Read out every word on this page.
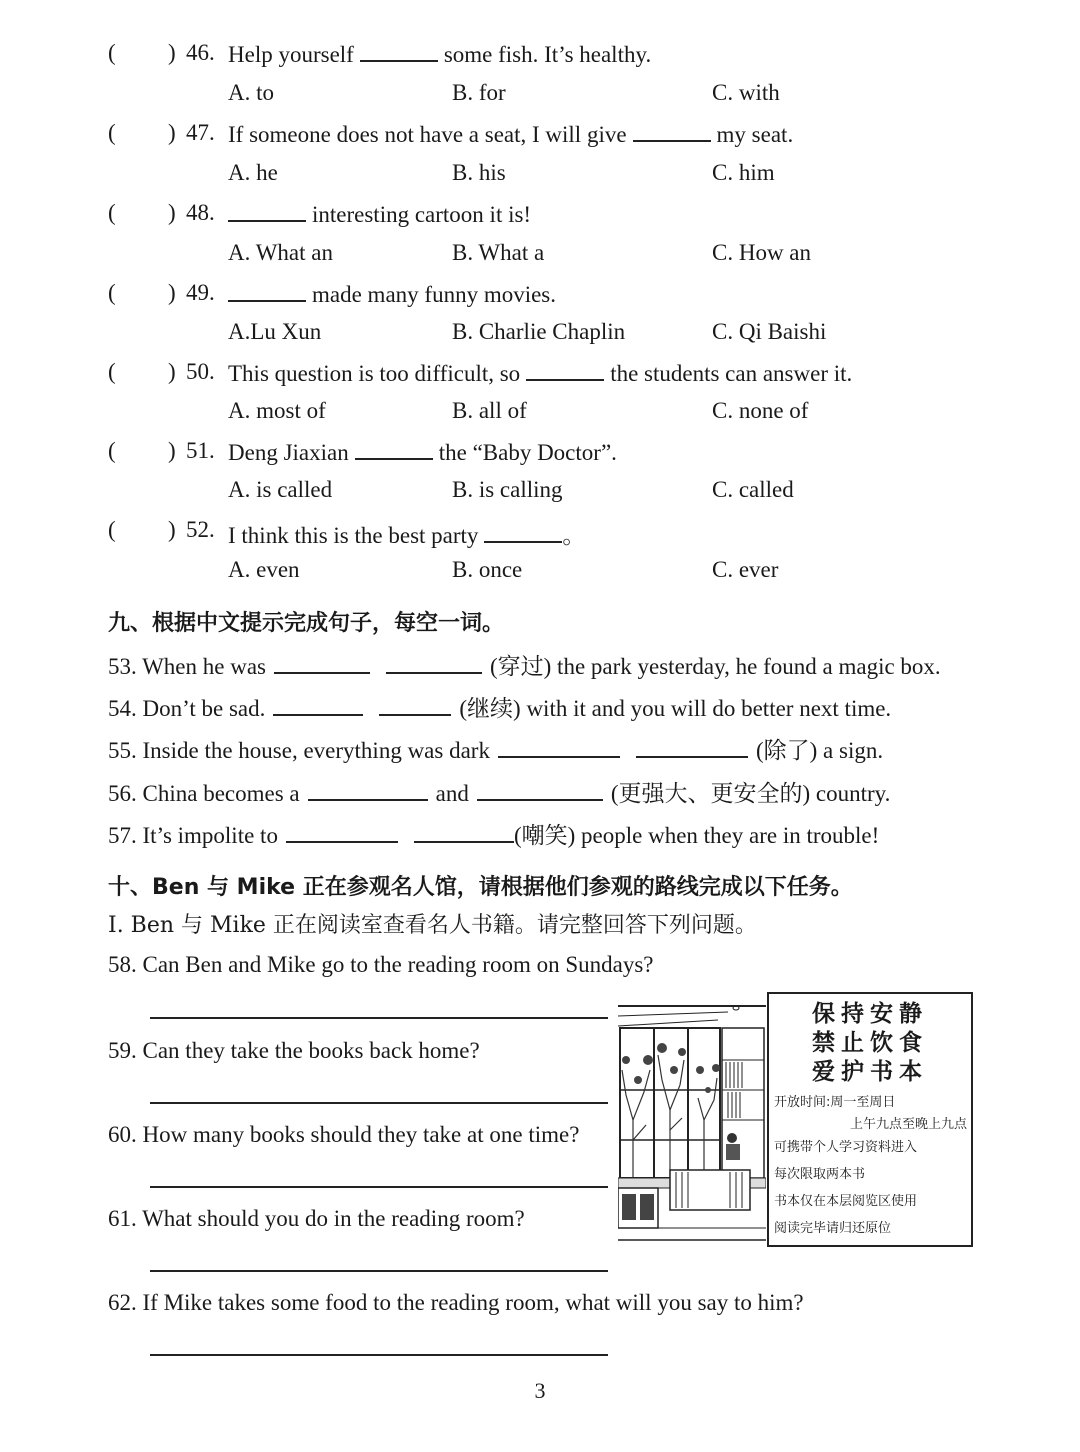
( ) 46. Help yourself	some fish. It’s healthy.
A. to	B. for	C. with
( ) 47. If someone does not have a seat, I will give	my seat.
A. he	B. his	C. him
( ) 48.	interesting cartoon it is!
A. What an	B. What a	C. How an
( ) 49.	made many funny movies.
A.Lu Xun	B. Charlie Chaplin	C. Qi Baishi
( ) 50. This question is too difficult, so	the students can answer it.
A. most of	B. all of	C. none of
( ) 51. Deng Jiaxian	the “Baby Doctor”.
A. is called	B. is calling	C. called
( ) 52. I think this is the best party	。
A. even	B. once	C. ever
九、根据中文提示完成句子，每空一词。
53. When he was	(穿过) the park yesterday, he found a magic box.
54. Don’t be sad.	(继续) with it and you will do better next time.
55. Inside the house, everything was dark	(除了) a sign.
56. China becomes a	and	(更强大、更安全的) country.
57. It’s impolite to	(嘲笑) people when they are in trouble!
十、Ben 与 Mike 正在参观名人馆，请根据他们参观的路线完成以下任务。
I. Ben 与 Mike 正在阅读室查看名人书籍。请完整回答下列问题。
58. Can Ben and Mike go to the reading room on Sundays?
59. Can they take the books back home?
60. How many books should they take at one time?
61. What should you do in the reading room?
62. If Mike takes some food to the reading room, what will you say to him?
保持安静
禁止饮食
爱护书本
开放时间:周一至周日
上午九点至晚上九点
可携带个人学习资料进入
每次限取两本书
书本仅在本层阅览区使用
阅读完毕请归还原位
3
